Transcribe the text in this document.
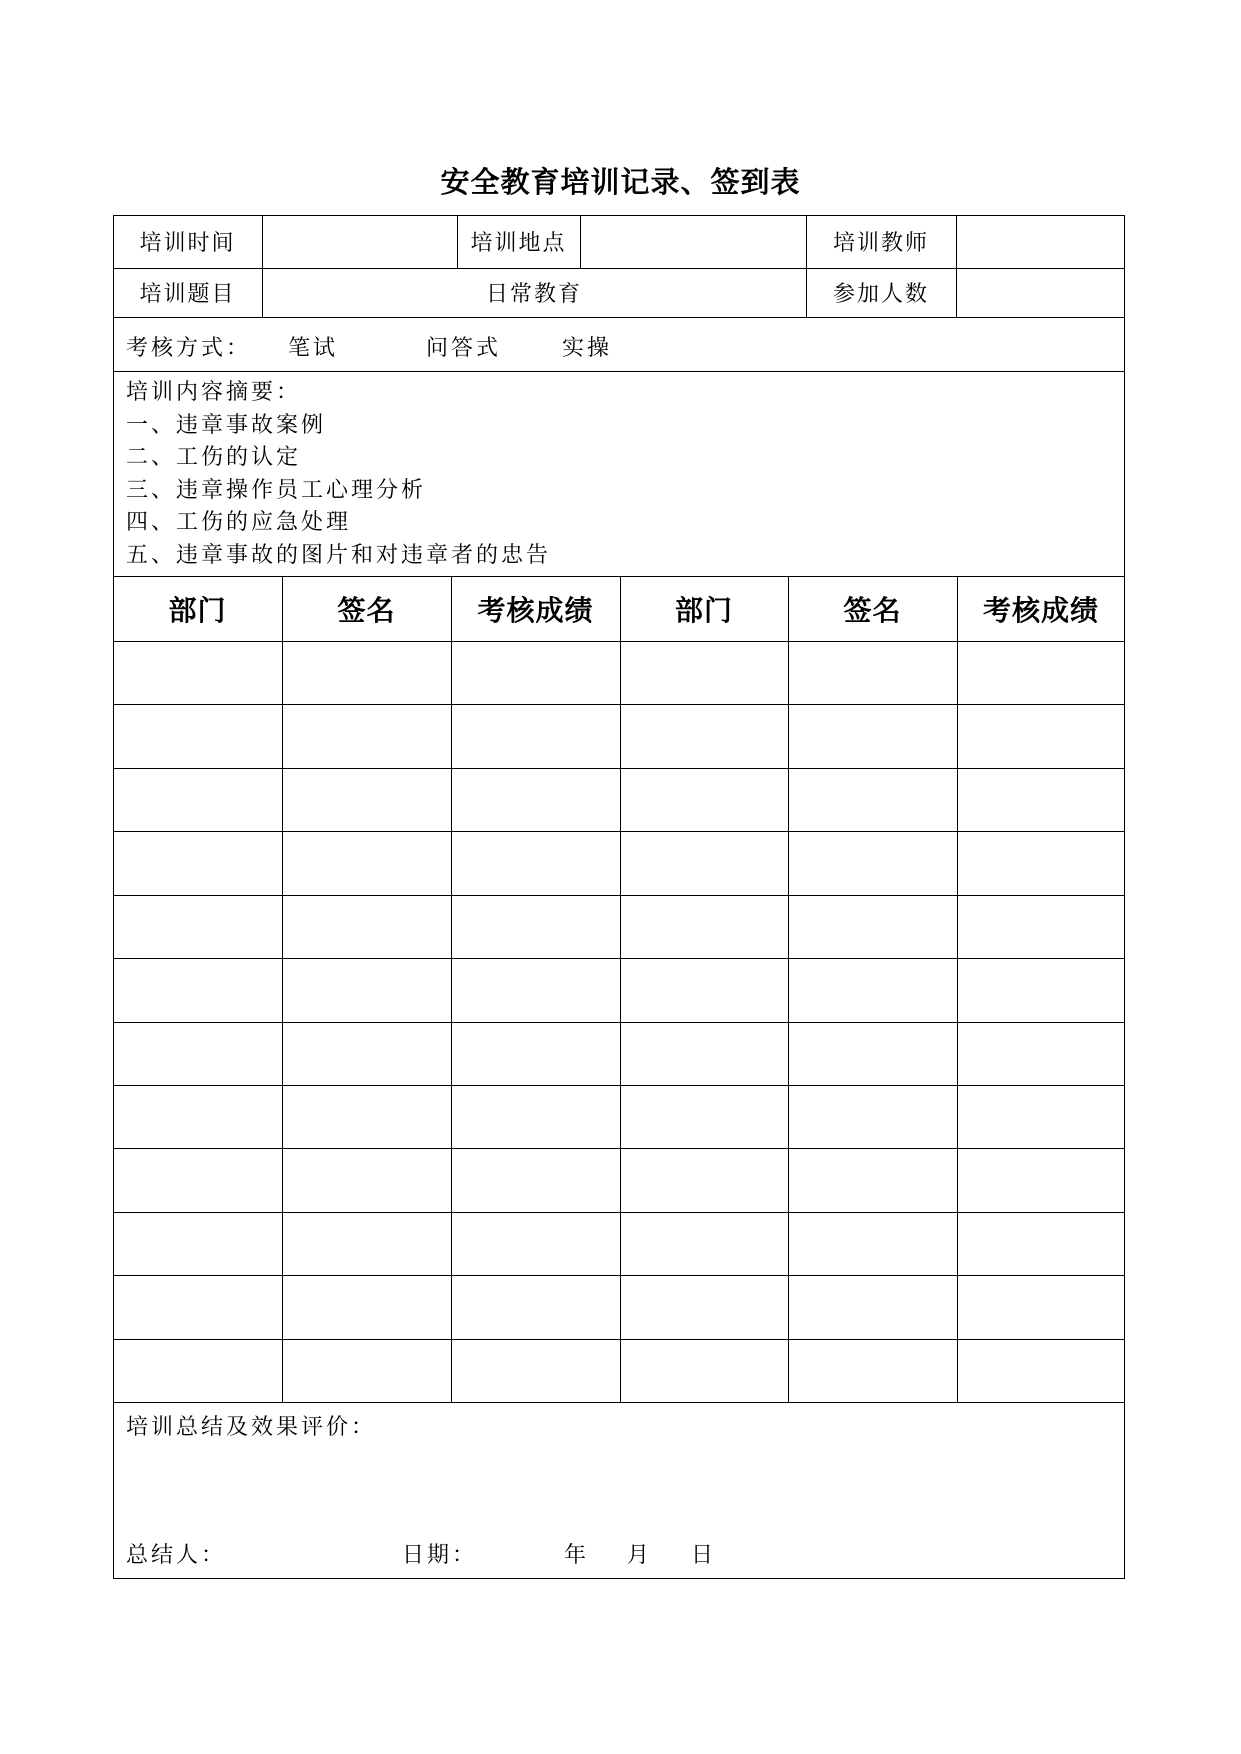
安全教育培训记录、签到表
培训时间	培训地点	培训教师
培训题目	日常教育	参加人数
考核方式： 笔试	问答式	实操
培训内容摘要：
一、违章事故案例
二、工伤的认定
三、违章操作员工心理分析
四、工伤的应急处理
五、违章事故的图片和对违章者的忠告
部门	签名	考核成绩	部门	签名	考核成绩
培训总结及效果评价：
总结人：	日期：	年 月 日
